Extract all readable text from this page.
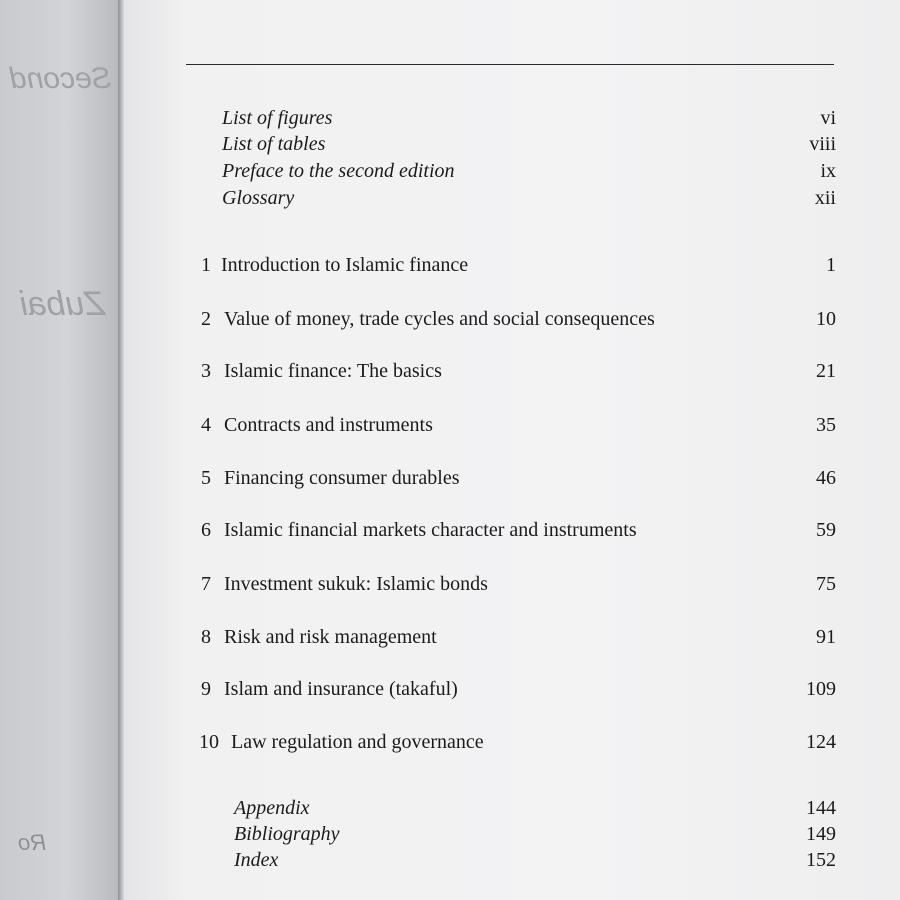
Second
Zubai
Ro
List of figures	vi
List of tables	viii
Preface to the second edition	ix
Glossary	xii
1 Introduction to Islamic finance	1
2 Value of money, trade cycles and social consequences	10
3 Islamic finance: The basics	21
4 Contracts and instruments	35
5 Financing consumer durables	46
6 Islamic financial markets character and instruments	59
7 Investment sukuk: Islamic bonds	75
8 Risk and risk management	91
9 Islam and insurance (takaful)	109
10 Law regulation and governance	124
Appendix	144
Bibliography	149
Index	152
